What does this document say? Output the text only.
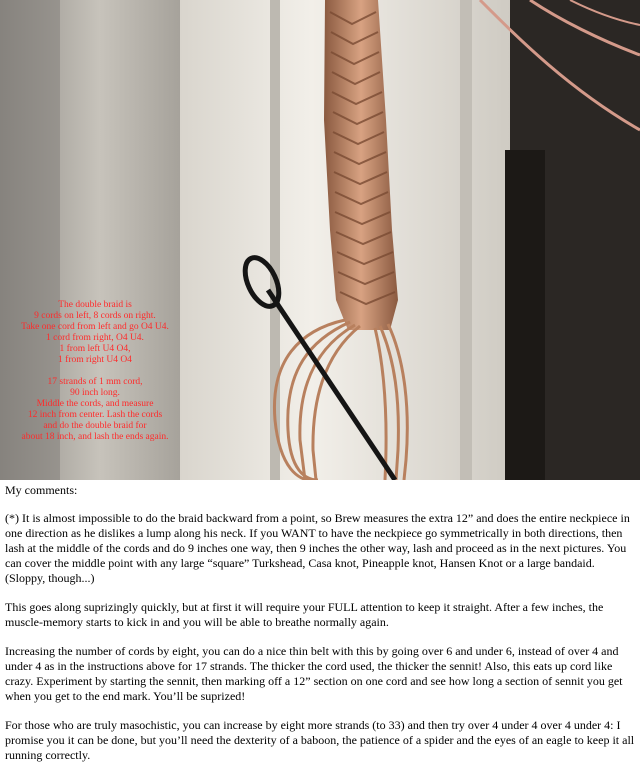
The double braid is
9 cords on left, 8 cords on right.
Take one cord from left and go O4 U4.
1 cord from right, O4 U4.
1 from left U4 O4,
1 from right U4 O4
17 strands of 1 mm cord,
90 inch long.
Middle the cords, and measure
12 inch from center. Lash the cords
and do the double braid for
about 18 inch, and lash the ends again.

My comments:

(*) It is almost impossible to do the braid backward from a point, so Brew measures the extra 12” and does the entire neckpiece in one direction as he dislikes a lump along his neck. If you WANT to have the neckpiece go symmetrically in both directions, then lash at the middle of the cords and do 9 inches one way, then 9 inches the other way, lash and proceed as in the next pictures. You can cover the middle point with any large “square” Turkshead, Casa knot, Pineapple knot, Hansen Knot or a large bandaid. (Sloppy, though...)

This goes along suprizingly quickly, but at first it will require your FULL attention to keep it straight. After a few inches, the muscle-memory starts to kick in and you will be able to breathe normally again.

Increasing the number of cords by eight, you can do a nice thin belt with this by going over 6 and under 6, instead of over 4 and under 4 as in the instructions above for 17 strands. The thicker the cord used, the thicker the sennit! Also, this eats up cord like crazy. Experiment by starting the sennit, then marking off a 12” section on one cord and see how long a section of sennit you get when you get to the end mark. You’ll be suprized!

For those who are truly masochistic, you can increase by eight more strands (to 33) and then try over 4 under 4 over 4 under 4: I promise you it can be done, but you’ll need the dexterity of a baboon, the patience of a spider and the eyes of an eagle to keep it all running correctly.
